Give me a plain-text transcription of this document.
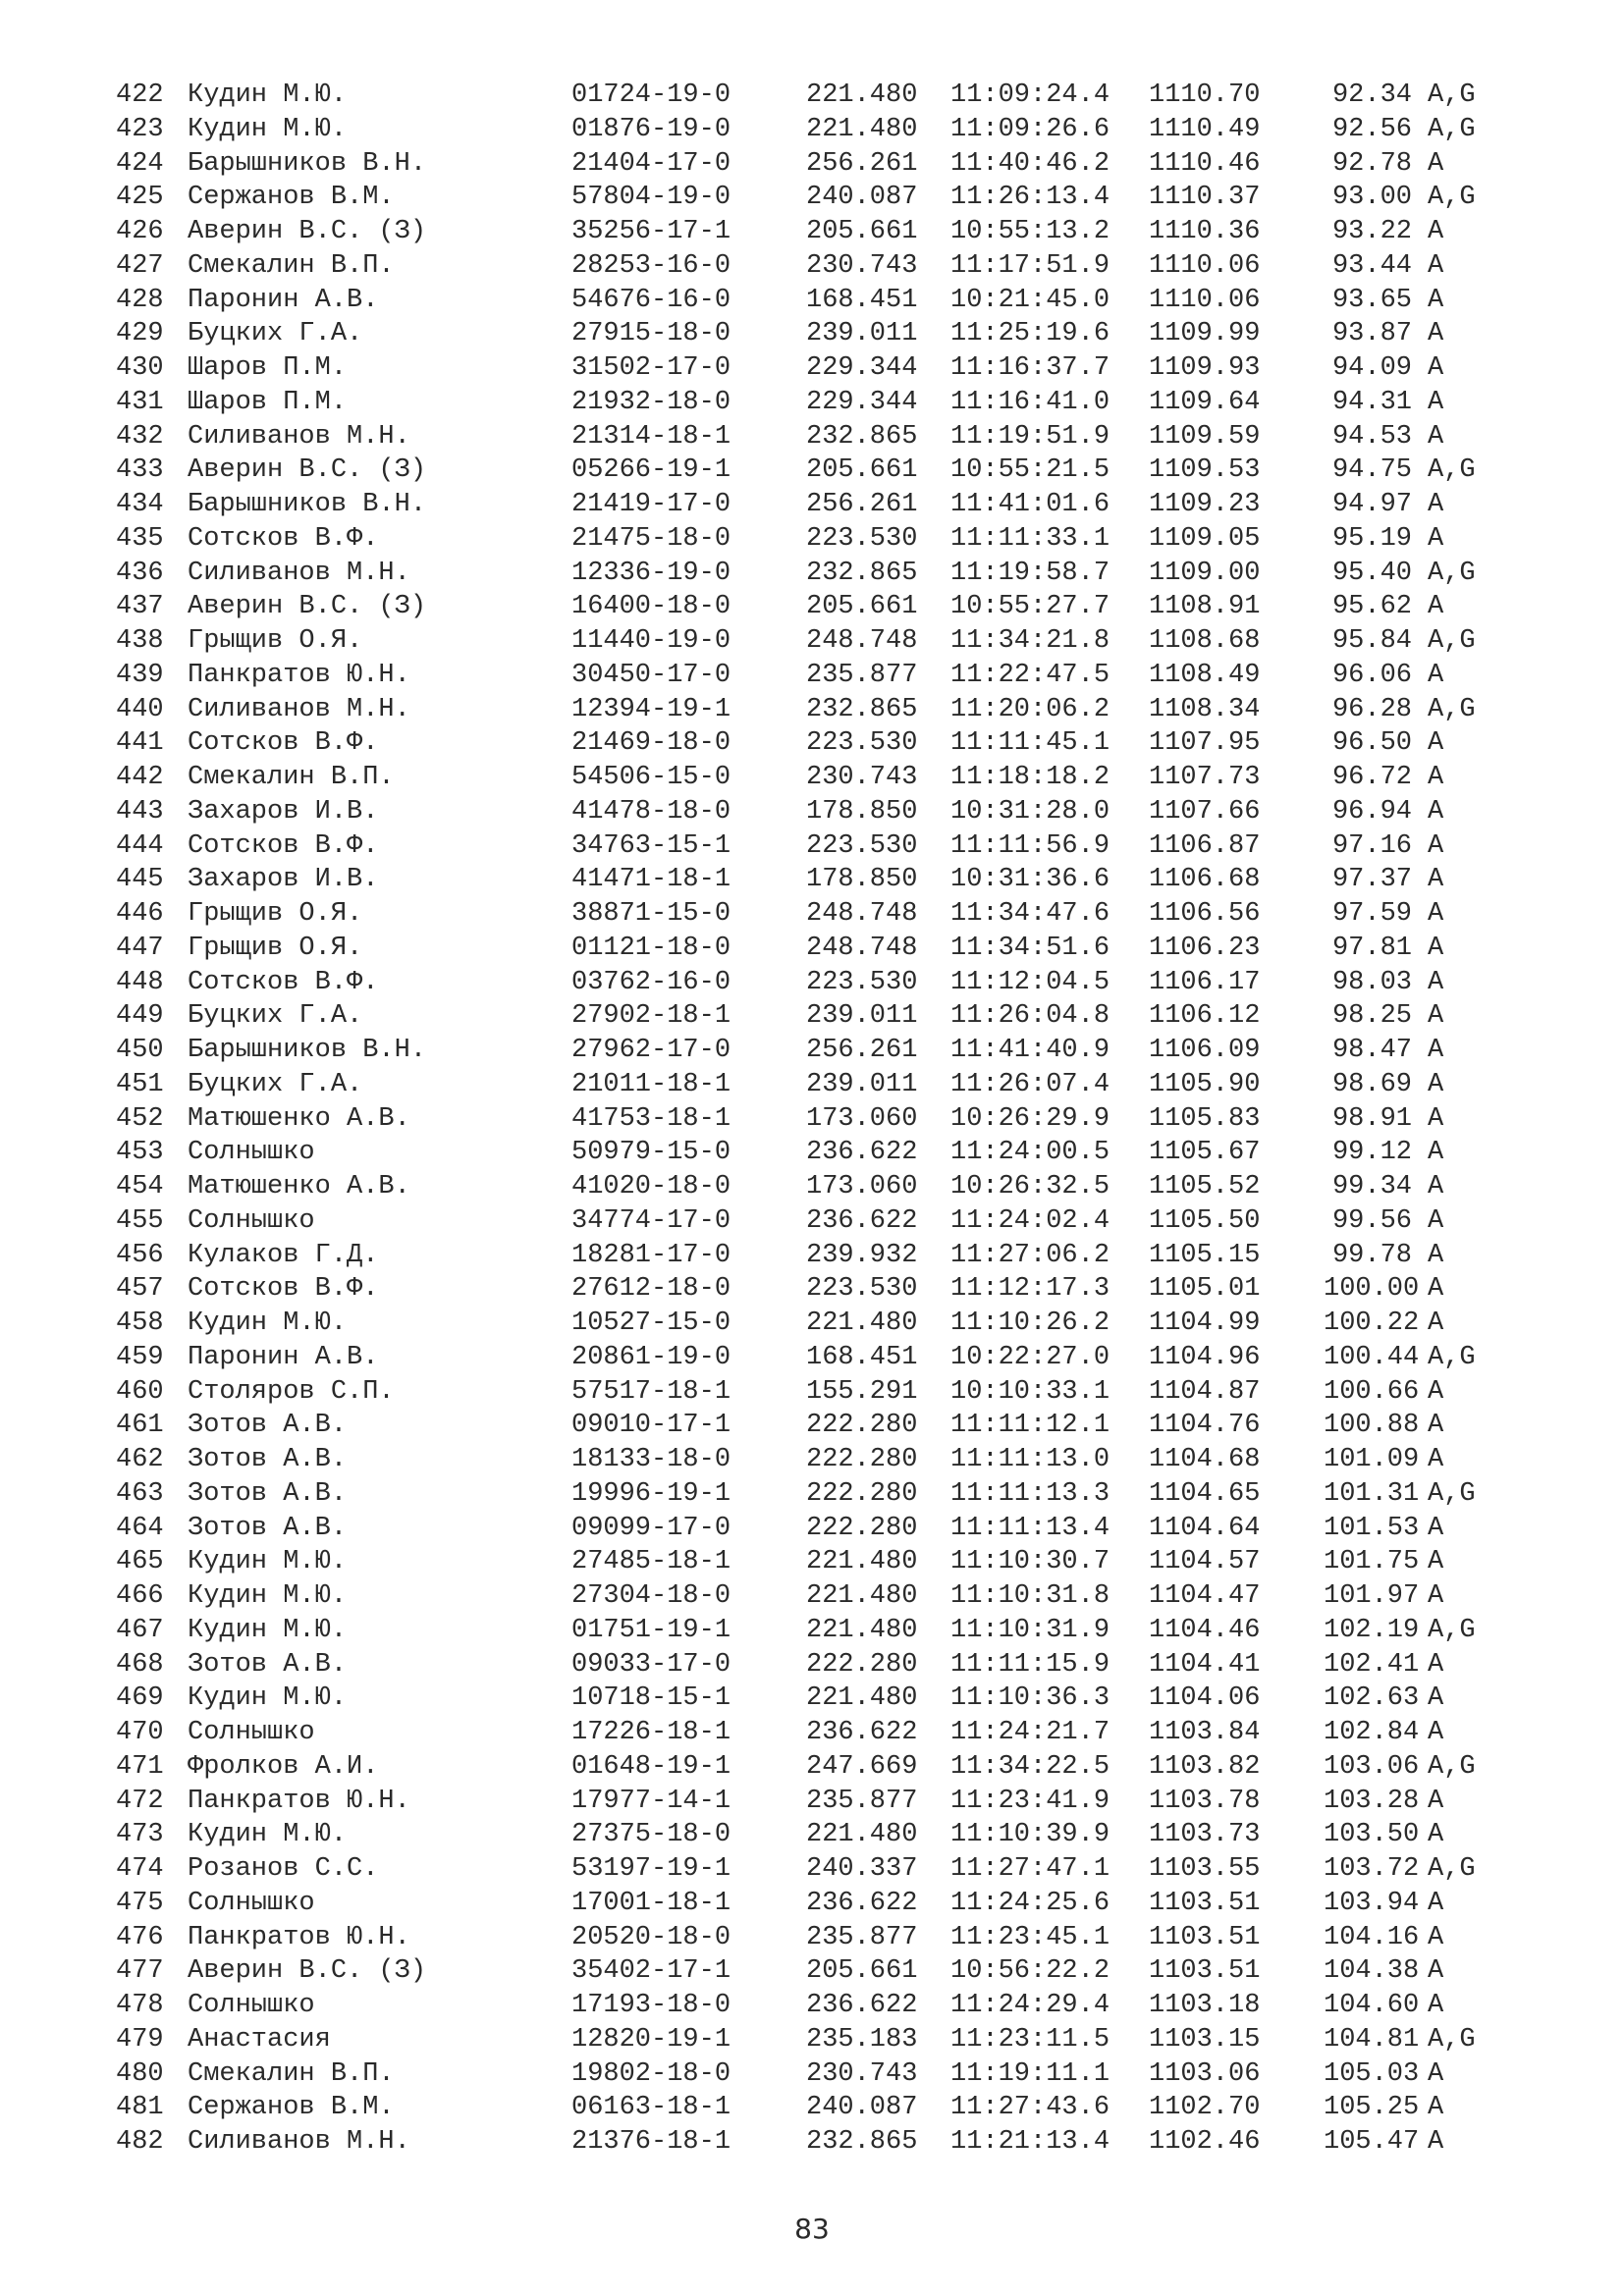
422 Кудин М.Ю.	01724-19-0	221.480 11:09:24.4 1110.70	92.34 A,G
423 Кудин М.Ю.	01876-19-0	221.480 11:09:26.6 1110.49	92.56 A,G
424 Барышников В.Н.	21404-17-0	256.261 11:40:46.2 1110.46	92.78 A
425 Сержанов В.М.	57804-19-0	240.087 11:26:13.4 1110.37	93.00 A,G
426 Аверин В.С. (З)	35256-17-1	205.661 10:55:13.2 1110.36	93.22 A
427 Смекалин В.П.	28253-16-0	230.743 11:17:51.9 1110.06	93.44 A
428 Паронин А.В.	54676-16-0	168.451 10:21:45.0 1110.06	93.65 A
429 Буцких Г.А.	27915-18-0	239.011 11:25:19.6 1109.99	93.87 A
430 Шаров П.М.	31502-17-0	229.344 11:16:37.7 1109.93	94.09 A
431 Шаров П.М.	21932-18-0	229.344 11:16:41.0 1109.64	94.31 A
432 Силиванов М.Н.	21314-18-1	232.865 11:19:51.9 1109.59	94.53 A
433 Аверин В.С. (З)	05266-19-1	205.661 10:55:21.5 1109.53	94.75 A,G
434 Барышников В.Н.	21419-17-0	256.261 11:41:01.6 1109.23	94.97 A
435 Сотсков В.Ф.	21475-18-0	223.530 11:11:33.1 1109.05	95.19 A
436 Силиванов М.Н.	12336-19-0	232.865 11:19:58.7 1109.00	95.40 A,G
437 Аверин В.С. (З)	16400-18-0	205.661 10:55:27.7 1108.91	95.62 A
438 Грыщив О.Я.	11440-19-0	248.748 11:34:21.8 1108.68	95.84 A,G
439 Панкратов Ю.Н.	30450-17-0	235.877 11:22:47.5 1108.49	96.06 A
440 Силиванов М.Н.	12394-19-1	232.865 11:20:06.2 1108.34	96.28 A,G
441 Сотсков В.Ф.	21469-18-0	223.530 11:11:45.1 1107.95	96.50 A
442 Смекалин В.П.	54506-15-0	230.743 11:18:18.2 1107.73	96.72 A
443 Захаров И.В.	41478-18-0	178.850 10:31:28.0 1107.66	96.94 A
444 Сотсков В.Ф.	34763-15-1	223.530 11:11:56.9 1106.87	97.16 A
445 Захаров И.В.	41471-18-1	178.850 10:31:36.6 1106.68	97.37 A
446 Грыщив О.Я.	38871-15-0	248.748 11:34:47.6 1106.56	97.59 A
447 Грыщив О.Я.	01121-18-0	248.748 11:34:51.6 1106.23	97.81 A
448 Сотсков В.Ф.	03762-16-0	223.530 11:12:04.5 1106.17	98.03 A
449 Буцких Г.А.	27902-18-1	239.011 11:26:04.8 1106.12	98.25 A
450 Барышников В.Н.	27962-17-0	256.261 11:41:40.9 1106.09	98.47 A
451 Буцких Г.А.	21011-18-1	239.011 11:26:07.4 1105.90	98.69 A
452 Матюшенко А.В.	41753-18-1	173.060 10:26:29.9 1105.83	98.91 A
453 Солнышко	50979-15-0	236.622 11:24:00.5 1105.67	99.12 A
454 Матюшенко А.В.	41020-18-0	173.060 10:26:32.5 1105.52	99.34 A
455 Солнышко	34774-17-0	236.622 11:24:02.4 1105.50	99.56 A
456 Кулаков Г.Д.	18281-17-0	239.932 11:27:06.2 1105.15	99.78 A
457 Сотсков В.Ф.	27612-18-0	223.530 11:12:17.3 1105.01 100.00 A
458 Кудин М.Ю.	10527-15-0	221.480 11:10:26.2 1104.99 100.22 A
459 Паронин А.В.	20861-19-0	168.451 10:22:27.0 1104.96 100.44 A,G
460 Столяров С.П.	57517-18-1	155.291 10:10:33.1 1104.87 100.66 A
461 Зотов А.В.	09010-17-1	222.280 11:11:12.1 1104.76 100.88 A
462 Зотов А.В.	18133-18-0	222.280 11:11:13.0 1104.68 101.09 A
463 Зотов А.В.	19996-19-1	222.280 11:11:13.3 1104.65 101.31 A,G
464 Зотов А.В.	09099-17-0	222.280 11:11:13.4 1104.64 101.53 A
465 Кудин М.Ю.	27485-18-1	221.480 11:10:30.7 1104.57 101.75 A
466 Кудин М.Ю.	27304-18-0	221.480 11:10:31.8 1104.47 101.97 A
467 Кудин М.Ю.	01751-19-1	221.480 11:10:31.9 1104.46 102.19 A,G
468 Зотов А.В.	09033-17-0	222.280 11:11:15.9 1104.41 102.41 A
469 Кудин М.Ю.	10718-15-1	221.480 11:10:36.3 1104.06 102.63 A
470 Солнышко	17226-18-1	236.622 11:24:21.7 1103.84 102.84 A
471 Фролков А.И.	01648-19-1	247.669 11:34:22.5 1103.82 103.06 A,G
472 Панкратов Ю.Н.	17977-14-1	235.877 11:23:41.9 1103.78 103.28 A
473 Кудин М.Ю.	27375-18-0	221.480 11:10:39.9 1103.73 103.50 A
474 Розанов С.С.	53197-19-1	240.337 11:27:47.1 1103.55 103.72 A,G
475 Солнышко	17001-18-1	236.622 11:24:25.6 1103.51 103.94 A
476 Панкратов Ю.Н.	20520-18-0	235.877 11:23:45.1 1103.51 104.16 A
477 Аверин В.С. (З)	35402-17-1	205.661 10:56:22.2 1103.51 104.38 A
478 Солнышко	17193-18-0	236.622 11:24:29.4 1103.18 104.60 A
479 Анастасия	12820-19-1	235.183 11:23:11.5 1103.15 104.81 A,G
480 Смекалин В.П.	19802-18-0	230.743 11:19:11.1 1103.06 105.03 A
481 Сержанов В.М.	06163-18-1	240.087 11:27:43.6 1102.70 105.25 A
482 Силиванов М.Н.	21376-18-1	232.865 11:21:13.4 1102.46 105.47 A
83
